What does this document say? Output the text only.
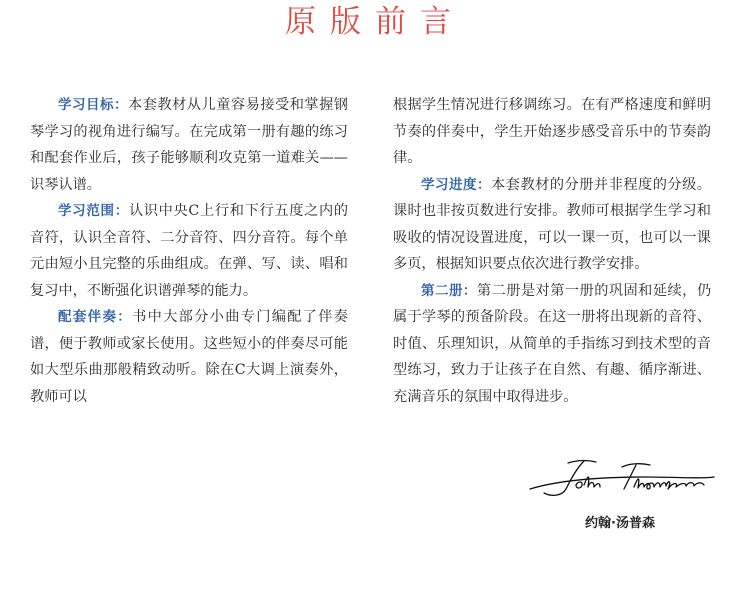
原版前言

学习目标：本套教材从儿童容易接受和掌握钢琴学习的视角进行编写。在完成第一册有趣的练习和配套作业后，孩子能够顺利攻克第一道难关——识琴认谱。

学习范围：认识中央C上行和下行五度之内的音符，认识全音符、二分音符、四分音符。每个单元由短小且完整的乐曲组成。在弹、写、读、唱和复习中，不断强化识谱弹琴的能力。

配套伴奏：书中大部分小曲专门编配了伴奏谱，便于教师或家长使用。这些短小的伴奏尽可能如大型乐曲那般精致动听。除在C大调上演奏外，教师可以

根据学生情况进行移调练习。在有严格速度和鲜明节奏的伴奏中，学生开始逐步感受音乐中的节奏韵律。

学习进度：本套教材的分册并非程度的分级。课时也非按页数进行安排。教师可根据学生学习和吸收的情况设置进度，可以一课一页，也可以一课多页，根据知识要点依次进行教学安排。

第二册：第二册是对第一册的巩固和延续，仍属于学琴的预备阶段。在这一册将出现新的音符、时值、乐理知识，从简单的手指练习到技术型的音型练习，致力于让孩子在自然、有趣、循序渐进、充满音乐的氛围中取得进步。

约翰·汤普森
